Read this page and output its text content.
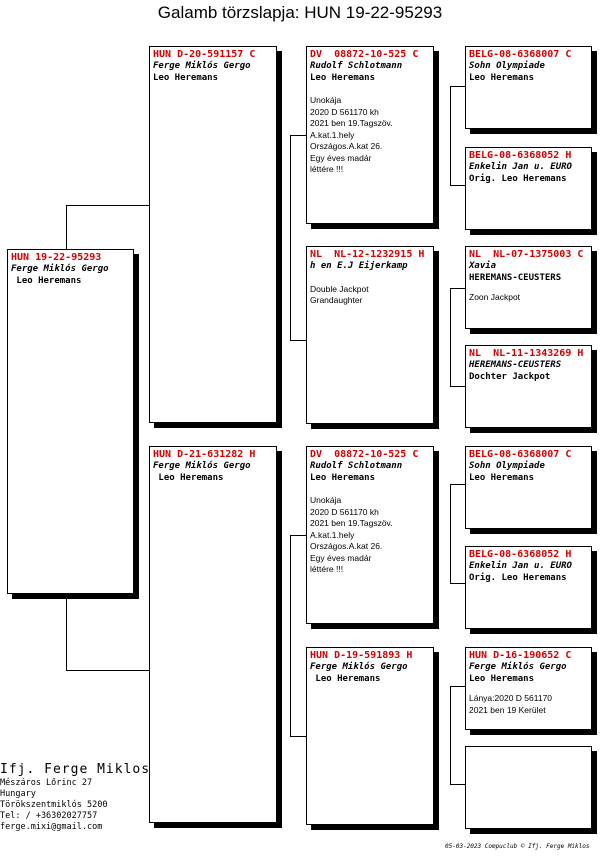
Galamb törzslapja: HUN 19-22-95293
HUN 19-22-95293
Ferge Miklós Gergo
Leo Heremans
HUN D-20-591157 C
Ferge Miklós Gergo
Leo Heremans
HUN D-21-631282 H
Ferge Miklós Gergo
Leo Heremans
DV  08872-10-525 C
Rudolf Schlotmann
Leo Heremans
Unokája
2020 D 561170 kh
2021 ben 19.Tagszöv.
A.kat.1.hely
Országos.A.kat 26.
Egy éves madár
léttére !!!
NL  NL-12-1232915 H
h en E.J Eijerkamp
Double Jackpot
Grandaughter
DV  08872-10-525 C
Rudolf Schlotmann
Leo Heremans
Unokája
2020 D 561170 kh
2021 ben 19.Tagszöv.
A.kat.1.hely
Országos.A.kat 26.
Egy éves madár
léttére !!!
HUN D-19-591893 H
Ferge Miklós Gergo
Leo Heremans
BELG-08-6368007 C
Sohn Olympiade
Leo Heremans
BELG-08-6368052 H
Enkelin Jan u. EURO
Orig. Leo Heremans
NL  NL-07-1375003 C
Xavia
HEREMANS-CEUSTERS
Zoon Jackpot
NL  NL-11-1343269 H
HEREMANS-CEUSTERS
Dochter Jackpot
BELG-08-6368007 C
Sohn Olympiade
Leo Heremans
BELG-08-6368052 H
Enkelin Jan u. EURO
Orig. Leo Heremans
HUN D-16-190652 C
Ferge Miklós Gergo
Leo Heremans
Lánya:2020 D 561170
2021 ben 19 Kerület
Ifj. Ferge Miklos
Mészáros Lőrinc 27
Hungary
Törökszentmiklós 5200
Tel: / +36302027757
ferge.mixi@gmail.com
05-03-2023 Compuclub © Ifj. Ferge Miklos
